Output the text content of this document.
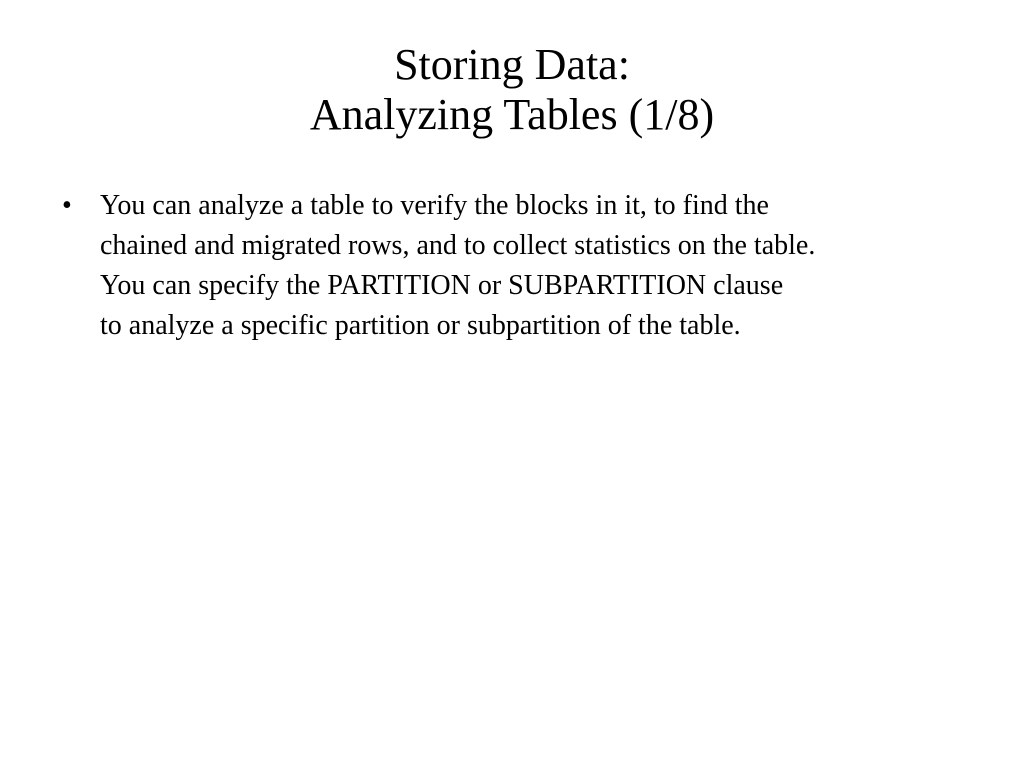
Storing Data:
Analyzing Tables (1/8)
• You can analyze a table to verify the blocks in it, to find the
chained and migrated rows, and to collect statistics on the table.
You can specify the PARTITION or SUBPARTITION clause
to analyze a specific partition or subpartition of the table.
